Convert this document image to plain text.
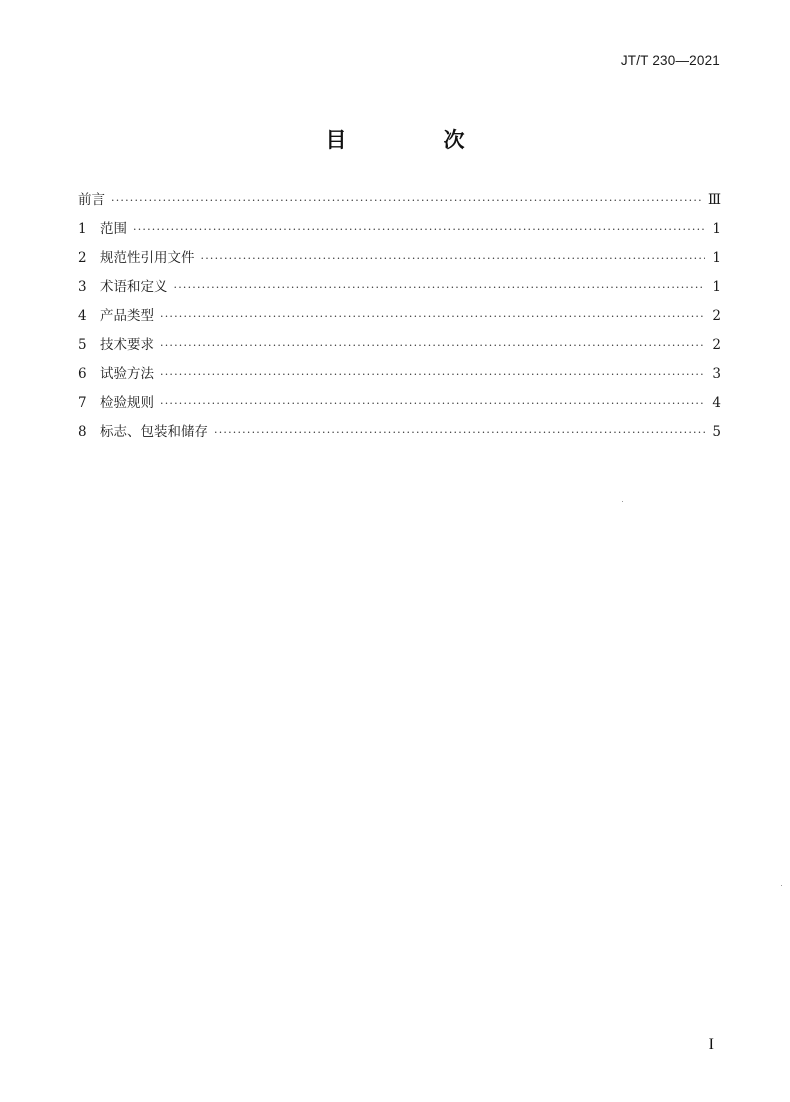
JT/T 230—2021
目　次
前言 ·····	Ⅲ
1 范围 ·····	1
2 规范性引用文件 ·····	1
3 术语和定义 ·····	1
4 产品类型 ·····	2
5 技术要求 ·····	2
6 试验方法 ·····	3
7 检验规则 ·····	4
8 标志、包装和储存 ·····	5
I
